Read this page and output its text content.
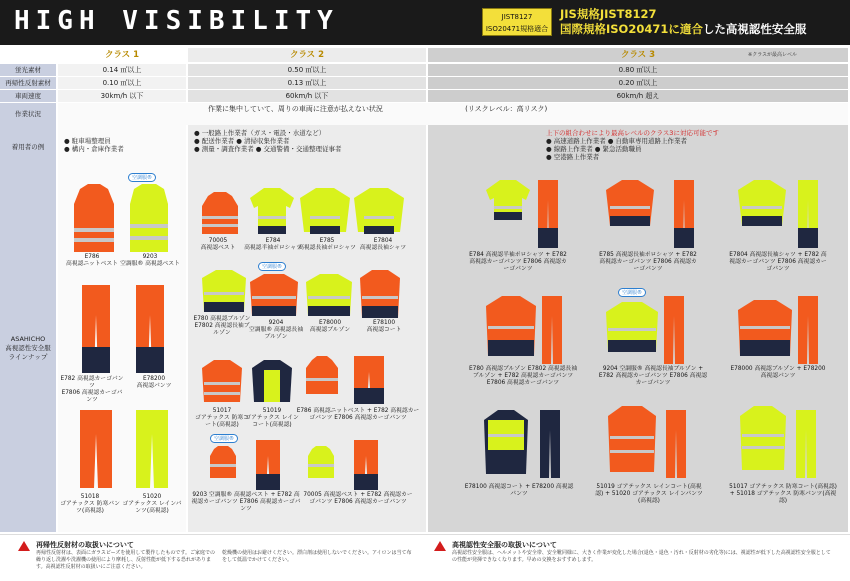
HIGH VISIBILITY	JIST8127
ISO20471規格適合
JIS規格JIST8127
国際規格ISO20471に適合した高視認性安全服
クラス 1	クラス 2	クラス 3	※クラスが最高レベル
蛍光素材	0.14 ㎡以上	0.50 ㎡以上	0.80 ㎡以上
再帰性反射素材	0.10 ㎡以上	0.13 ㎡以上	0.20 ㎡以上
車両速度	30km/h 以下	60km/h 以下	60km/h 超え
作業状況
作業に集中していて、周りの車両に注意が払えない状況	(リスクレベル：高リスク)
着用者の例
● 駐車場整理員
● 構内・倉庫作業者
● 一般路上作業者（ガス・電設・水道など）
● 配送作業者 ● 清掃収集作業者
● 測量・調査作業者 ● 交通警備・交通整理従事者
上下の組合わせにより最高レベルのクラス3に対応可能です
● 高速道路上作業者 ● 自動車専用道路上作業者
● 線路上作業者 ● 緊急活動職員
● 空港路上作業者
ASAHICHO
高視認性安全服
ラインナップ
空調服®
E786
高視認ニットベスト
9203
空調服® 高視認ベスト
E782 高視認カーゴパンツ
E7806 高視認カーゴパンツ
E78200
高視認パンツ
51018
ゴアテックス 防寒パンツ(高視認)
51020
ゴアテックス レインパンツ(高視認)
70005
高視認ベスト
E784
高視認半袖ポロシャツ
E785
高視認長袖ポロシャツ
E7804
高視認長袖シャツ
空調服®
E780 高視認ブルゾン
E7802 高視認長袖ブルゾン
9204
空調服® 高視認長袖ブルゾン
E78000
高視認ブルゾン
E78100
高視認コート
51017
ゴアテックス 防寒コート(高視認)
51019
ゴアテックス レインコート(高視認)
E786 高視認ニットベスト + E782 高視認カーゴパンツ E7806 高視認カーゴパンツ
空調服®
9203 空調服® 高視認ベスト + E782 高視認カーゴパンツ E7806 高視認カーゴパンツ
70005 高視認ベスト + E782 高視認カーゴパンツ E7806 高視認カーゴパンツ
E784 高視認半袖ポロシャツ + E782 高視認カーゴパンツ E7806 高視認カーゴパンツ
E785 高視認長袖ポロシャツ + E782 高視認カーゴパンツ E7806 高視認カーゴパンツ
E7804 高視認長袖シャツ + E782 高視認カーゴパンツ E7806 高視認カーゴパンツ
空調服®
E780 高視認ブルゾン E7802 高視認長袖ブルゾン + E782 高視認カーゴパンツ E7806 高視認カーゴパンツ
9204 空調服® 高視認長袖ブルゾン + E782 高視認カーゴパンツ E7806 高視認カーゴパンツ
E78000 高視認ブルゾン + E78200 高視認パンツ
E78100 高視認コート + E78200 高視認パンツ
51019 ゴアテックス レインコート(高視認) + 51020 ゴアテックス レインパンツ(高視認)
51017 ゴアテックス 防寒コート(高視認) + 51018 ゴアテックス 防寒パンツ(高視認)
再帰性反射材の取扱いについて
再帰性反射材は、表面にガラスビーズを使用して製作したものです。ご家庭での繰り返し洗濯や洗濯機の使用により摩耗し、反射性能が低下する恐れがあります。高視認性反射材の取扱いにご注意ください。
乾燥機の使用はお避けください。漂白剤は使用しないでください。アイロンは当て布をして低温でかけてください。
高視認性安全服の取扱いについて
高視認性安全服は、ヘルメットや安全帯、安全靴同様に、大きく作業が変化した場合(退色・退色・汚れ・反射材の劣化等)には、視認性が低下した高視認性安全服としての性能が発揮できなくなります。早めの交換をおすすめします。
